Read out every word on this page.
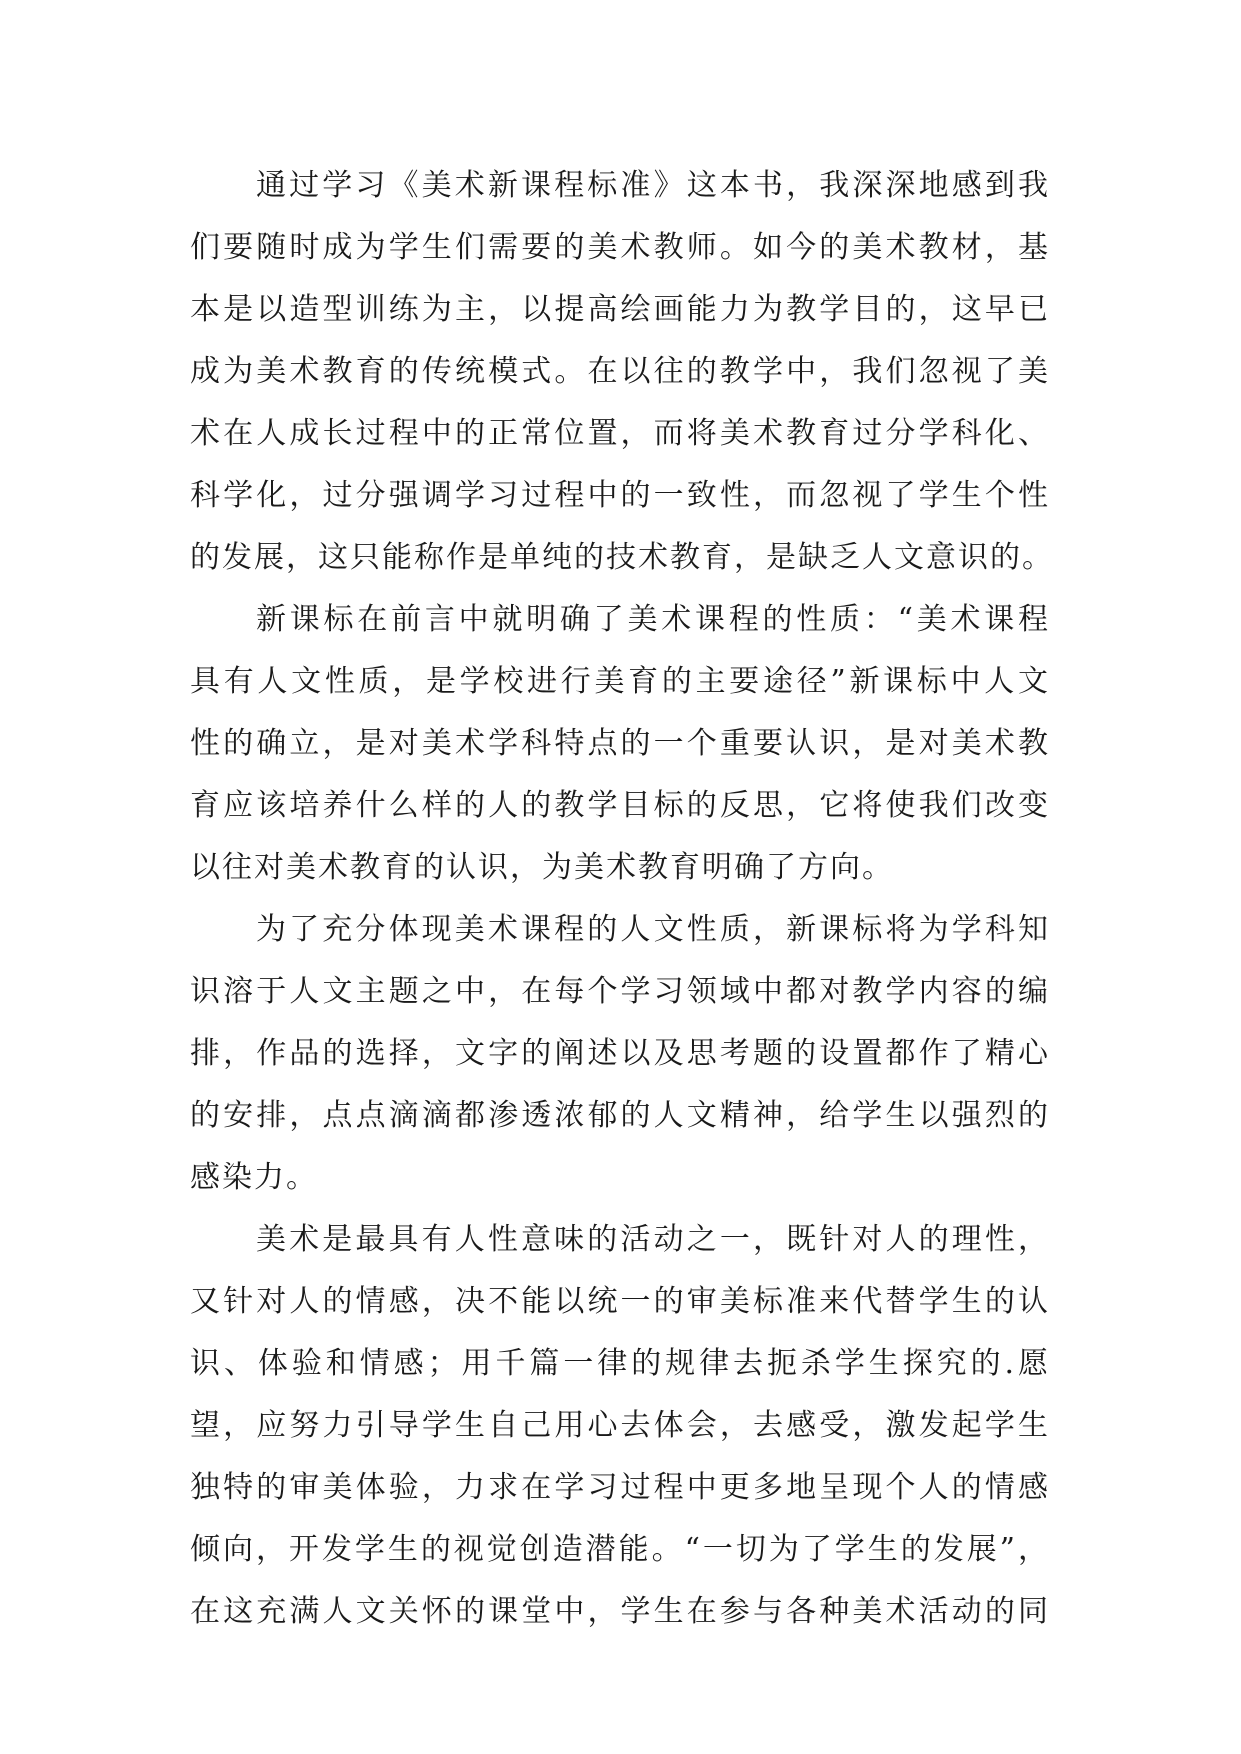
通过学习《美术新课程标准》这本书，我深深地感到我
们要随时成为学生们需要的美术教师。如今的美术教材，基
本是以造型训练为主，以提高绘画能力为教学目的，这早已
成为美术教育的传统模式。在以往的教学中，我们忽视了美
术在人成长过程中的正常位置，而将美术教育过分学科化、
科学化，过分强调学习过程中的一致性，而忽视了学生个性
的发展，这只能称作是单纯的技术教育，是缺乏人文意识的。
新课标在前言中就明确了美术课程的性质：“美术课程
具有人文性质，是学校进行美育的主要途径”新课标中人文
性的确立，是对美术学科特点的一个重要认识，是对美术教
育应该培养什么样的人的教学目标的反思，它将使我们改变
以往对美术教育的认识，为美术教育明确了方向。
为了充分体现美术课程的人文性质，新课标将为学科知
识溶于人文主题之中，在每个学习领域中都对教学内容的编
排，作品的选择，文字的阐述以及思考题的设置都作了精心
的安排，点点滴滴都渗透浓郁的人文精神，给学生以强烈的
感染力。
美术是最具有人性意味的活动之一，既针对人的理性，
又针对人的情感，决不能以统一的审美标准来代替学生的认
识、体验和情感；用千篇一律的规律去扼杀学生探究的.愿
望，应努力引导学生自己用心去体会，去感受，激发起学生
独特的审美体验，力求在学习过程中更多地呈现个人的情感
倾向，开发学生的视觉创造潜能。“一切为了学生的发展”，
在这充满人文关怀的课堂中，学生在参与各种美术活动的同
